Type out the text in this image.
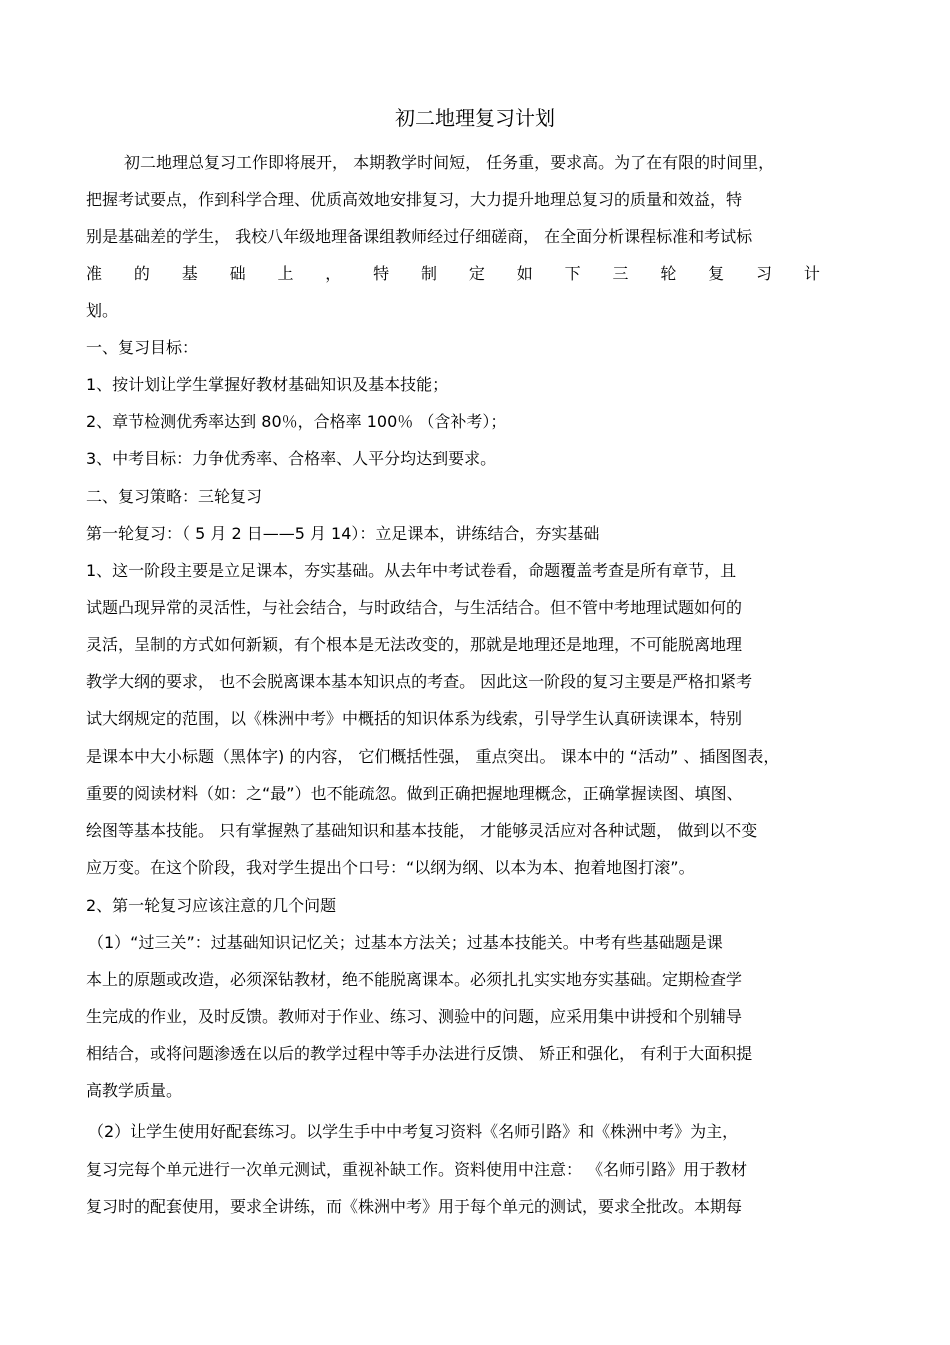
初二地理复习计划
初二地理总复习工作即将展开， 本期教学时间短， 任务重，要求高。为了在有限的时间里，
把握考试要点，作到科学合理、优质高效地安排复习，大力提升地理总复习的质量和效益，特
别是基础差的学生， 我校八年级地理备课组教师经过仔细磋商， 在全面分析课程标准和考试标
准 的 基 础 上 ， 特 制 定 如 下 三 轮 复 习 计
划。
一、复习目标：
1、按计划让学生掌握好教材基础知识及基本技能；
2、章节检测优秀率达到 80％，合格率 100％ （含补考）；
3、中考目标：力争优秀率、合格率、人平分均达到要求。
二、复习策略：三轮复习
第一轮复习：（ 5 月 2 日——5 月 14）：立足课本，讲练结合，夯实基础
1、这一阶段主要是立足课本，夯实基础。从去年中考试卷看，命题覆盖考查是所有章节，且
试题凸现异常的灵活性，与社会结合，与时政结合，与生活结合。但不管中考地理试题如何的
灵活，呈制的方式如何新颖，有个根本是无法改变的，那就是地理还是地理，不可能脱离地理
教学大纲的要求， 也不会脱离课本基本知识点的考查。 因此这一阶段的复习主要是严格扣紧考
试大纲规定的范围，以《株洲中考》中概括的知识体系为线索，引导学生认真研读课本，特别
是课本中大小标题（黑体字) 的内容， 它们概括性强， 重点突出。 课本中的 “活动” 、插图图表，
重要的阅读材料（如：之“最”）也不能疏忽。做到正确把握地理概念，正确掌握读图、填图、
绘图等基本技能。 只有掌握熟了基础知识和基本技能， 才能够灵活应对各种试题， 做到以不变
应万变。在这个阶段，我对学生提出个口号：“以纲为纲、以本为本、抱着地图打滚”。
2、第一轮复习应该注意的几个问题
（1）“过三关”：过基础知识记忆关；过基本方法关；过基本技能关。中考有些基础题是课
本上的原题或改造，必须深钻教材，绝不能脱离课本。必须扎扎实实地夯实基础。定期检查学
生完成的作业，及时反馈。教师对于作业、练习、测验中的问题，应采用集中讲授和个别辅导
相结合，或将问题渗透在以后的教学过程中等手办法进行反馈、 矫正和强化， 有利于大面积提
高教学质量。
（2）让学生使用好配套练习。以学生手中中考复习资料《名师引路》和《株洲中考》为主，
复习完每个单元进行一次单元测试，重视补缺工作。资料使用中注意： 《名师引路》用于教材
复习时的配套使用，要求全讲练，而《株洲中考》用于每个单元的测试，要求全批改。本期每
